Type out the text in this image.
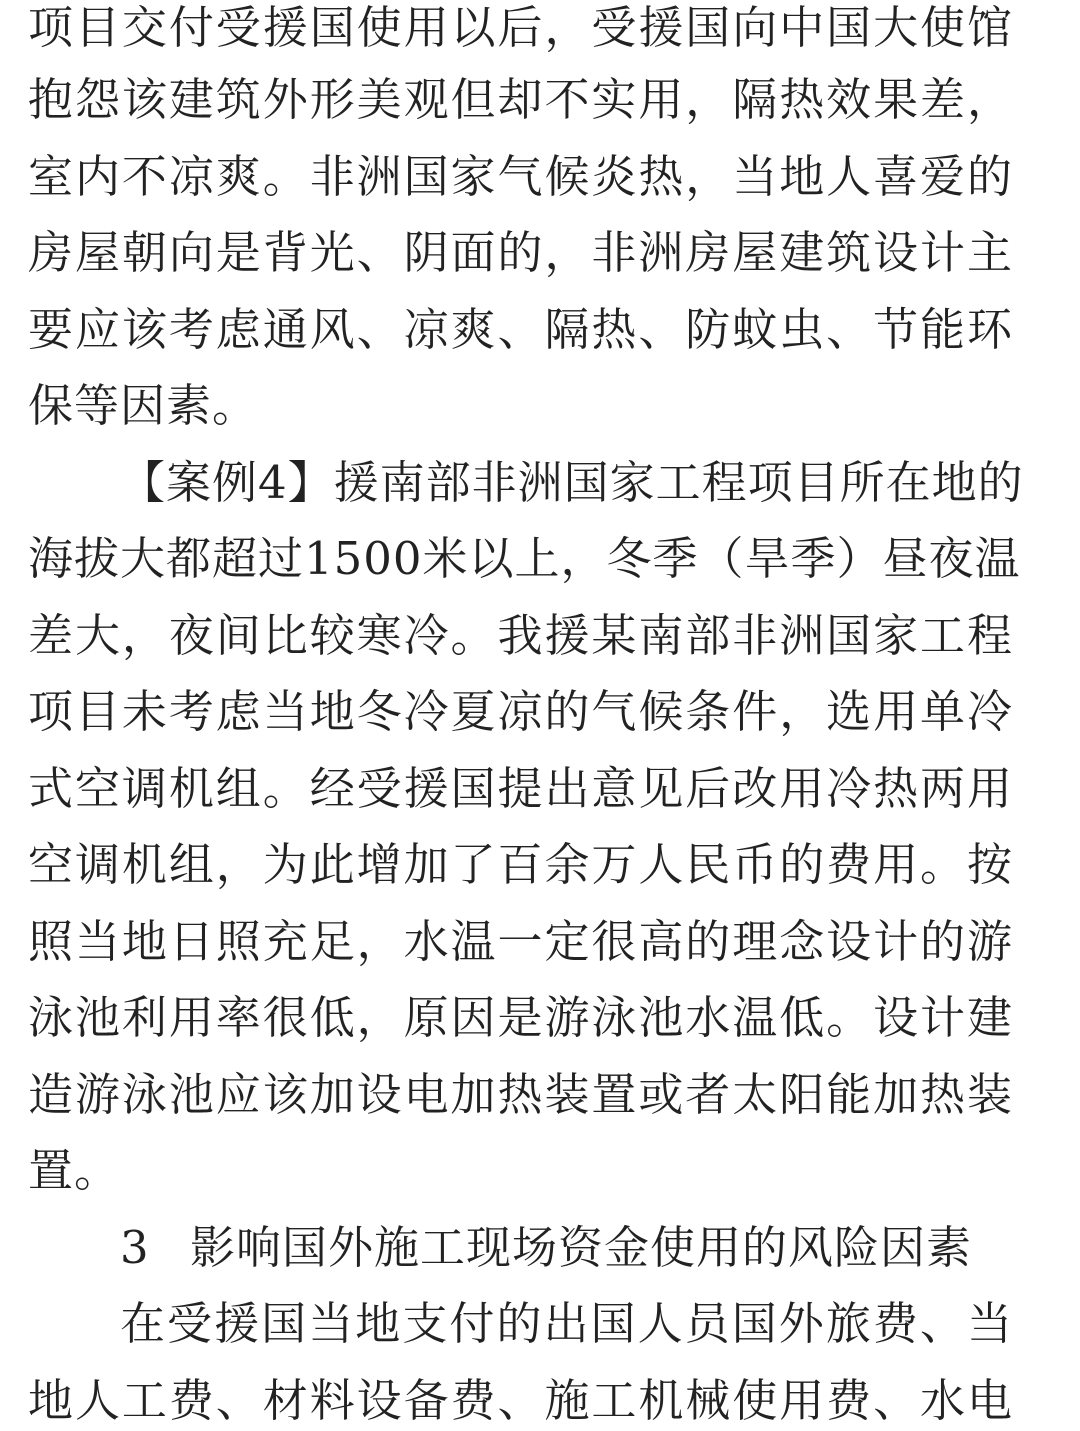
项目交付受援国使用以后，受援国向中国大使馆
抱怨该建筑外形美观但却不实用，隔热效果差，
室内不凉爽。非洲国家气候炎热，当地人喜爱的
房屋朝向是背光、阴面的，非洲房屋建筑设计主
要应该考虑通风、凉爽、隔热、防蚊虫、节能环
保等因素。
【案例4】援南部非洲国家工程项目所在地的
海拔大都超过1500米以上，冬季（旱季）昼夜温
差大，夜间比较寒冷。我援某南部非洲国家工程
项目未考虑当地冬冷夏凉的气候条件，选用单冷
式空调机组。经受援国提出意见后改用冷热两用
空调机组，为此增加了百余万人民币的费用。按
照当地日照充足，水温一定很高的理念设计的游
泳池利用率很低，原因是游泳池水温低。设计建
造游泳池应该加设电加热装置或者太阳能加热装
置。
3 影响国外施工现场资金使用的风险因素
在受援国当地支付的出国人员国外旅费、当
地人工费、材料设备费、施工机械使用费、水电
